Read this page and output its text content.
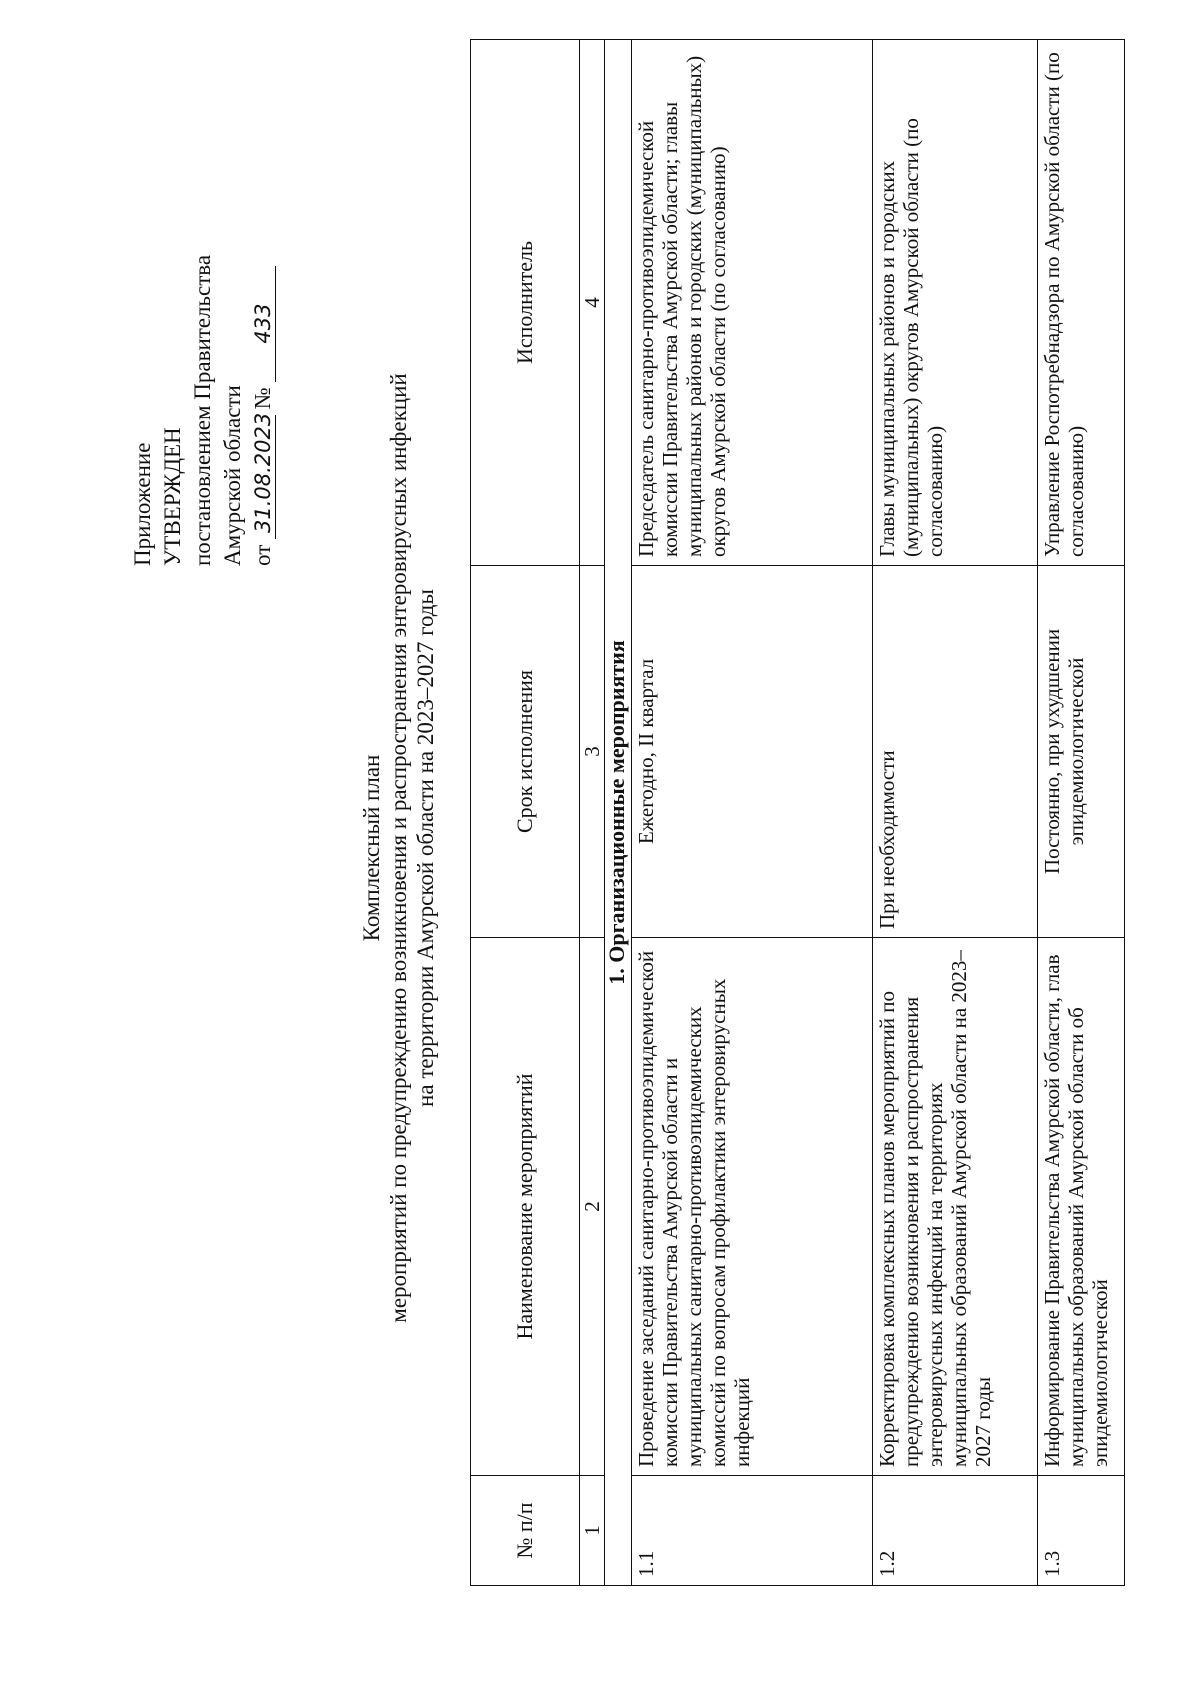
Приложение УТВЕРЖДЕН постановлением Правительства Амурской области от 31.08.2023 № 433
Комплексный план мероприятий по предупреждению возникновения и распространения энтеровирусных инфекций на территории Амурской области на 2023–2027 годы
№ п/п	Наименование мероприятий	Срок исполнения	Исполнитель
1	2	3	4
1. Организационные мероприятия			
1.1	Проведение заседаний санитарно-противоэпидемической комиссии Правительства Амурской области и муниципальных санитарно-противоэпидемических комиссий по вопросам профилактики энтеровирусных инфекций	Ежегодно, II квартал	Председатель санитарно-противоэпидемической комиссии Правительства Амурской области; главы муниципальных районов и городских (муниципальных) округов Амурской области (по согласованию)
1.2	Корректировка комплексных планов мероприятий по предупреждению возникновения и распространения энтеровирусных инфекций на территориях муниципальных образований Амурской области на 2023–2027 годы	При необходимости	Главы муниципальных районов и городских (муниципальных) округов Амурской области (по согласованию)
1.3	Информирование Правительства Амурской области, глав муниципальных образований Амурской области об эпидемиологической	Постоянно, при ухудшении эпидемиологической	Управление Роспотребнадзора по Амурской области (по согласованию)
